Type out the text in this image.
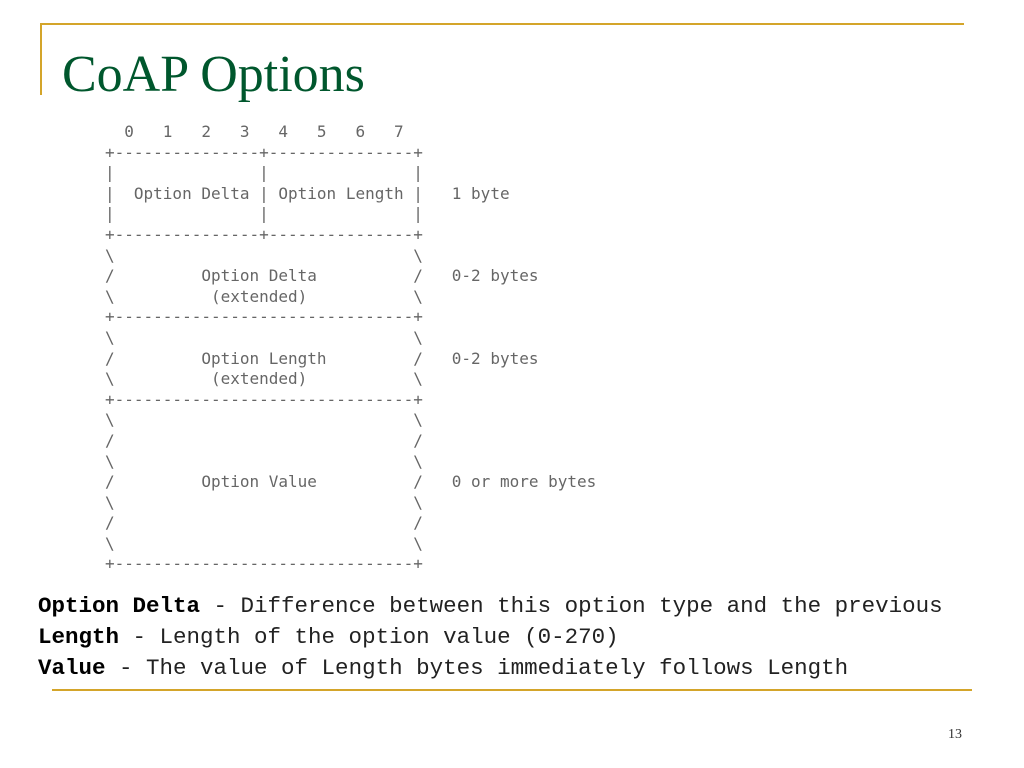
CoAP Options
0   1   2   3   4   5   6   7
+---------------+---------------+
|               |               |
|  Option Delta | Option Length |   1 byte
|               |               |
+---------------+---------------+
\                               \
/         Option Delta          /   0-2 bytes
\          (extended)           \
+-------------------------------+
\                               \
/         Option Length         /   0-2 bytes
\          (extended)           \
+-------------------------------+
\                               \
/                               /
\                               \
/         Option Value          /   0 or more bytes
\                               \
/                               /
\                               \
+-------------------------------+
Option Delta - Difference between this option type and the previous
Length - Length of the option value (0-270)
Value - The value of Length bytes immediately follows Length
13
